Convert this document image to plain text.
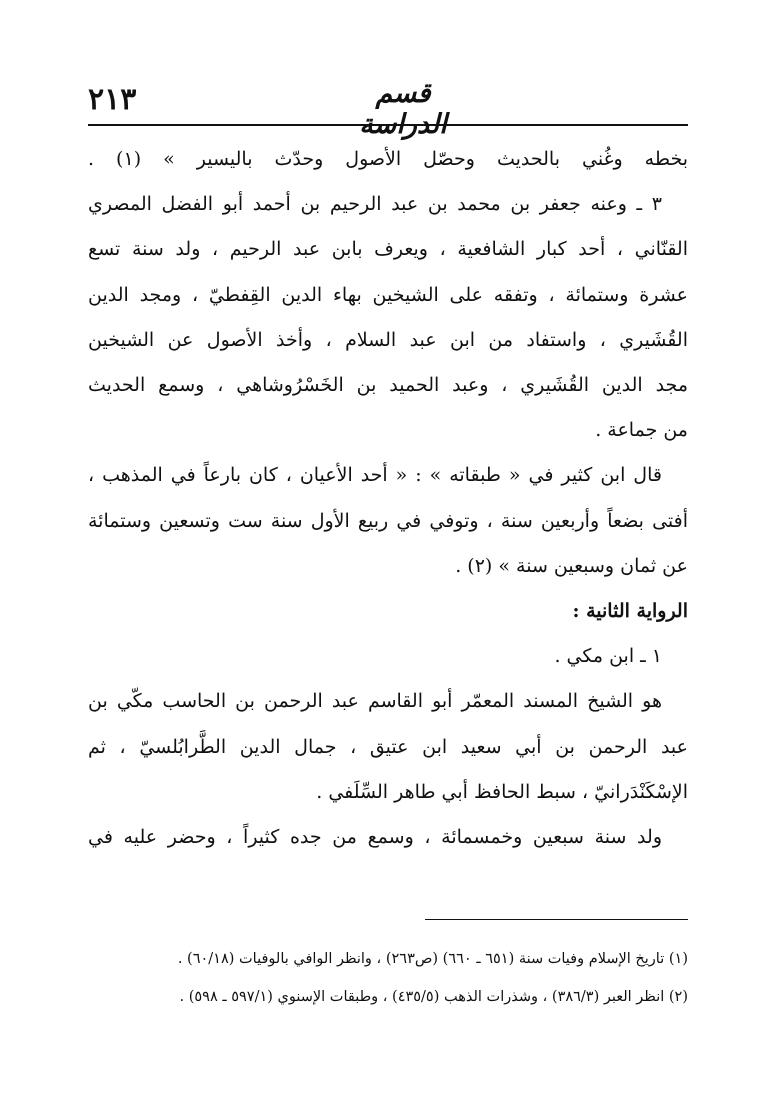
٢١٣	قسم الدراسة
بخطه وغُني بالحديث وحصّل الأصول وحدّث باليسير » (١) .
٣ ـ وعنه جعفر بن محمد بن عبد الرحيم بن أحمد أبو الفضل المصري
القنّاني ، أحد كبار الشافعية ، ويعرف بابن عبد الرحيم ، ولد سنة تسع
عشرة وستمائة ، وتفقه على الشيخين بهاء الدين القِفطيّ ، ومجد الدين
القُشَيري ، واستفاد من ابن عبد السلام ، وأخذ الأصول عن الشيخين
مجد الدين القُشَيري ، وعبد الحميد بن الخَسْرُوشاهي ، وسمع الحديث
من جماعة .
قال ابن كثير في « طبقاته » : « أحد الأعيان ، كان بارعاً في المذهب ،
أفتى بضعاً وأربعين سنة ، وتوفي في ربيع الأول سنة ست وتسعين وستمائة
عن ثمان وسبعين سنة » (٢) .
الرواية الثانية :
١ ـ ابن مكي .
هو الشيخ المسند المعمّر أبو القاسم عبد الرحمن بن الحاسب مكّي بن
عبد الرحمن بن أبي سعيد ابن عتيق ، جمال الدين الطَّرابُلسيّ ، ثم
الإسْكَنْدَرانيّ ، سبط الحافظ أبي طاهر السِّلَفي .
ولد سنة سبعين وخمسمائة ، وسمع من جده كثيراً ، وحضر عليه في
(١) تاريخ الإسلام وفيات سنة (٦٥١ ـ ٦٦٠) (ص٢٦٣) ، وانظر الوافي بالوفيات (٦٠/١٨) .
(٢) انظر العبر (٣٨٦/٣) ، وشذرات الذهب (٤٣٥/٥) ، وطبقات الإسنوي (٥٩٧/١ ـ ٥٩٨) .
